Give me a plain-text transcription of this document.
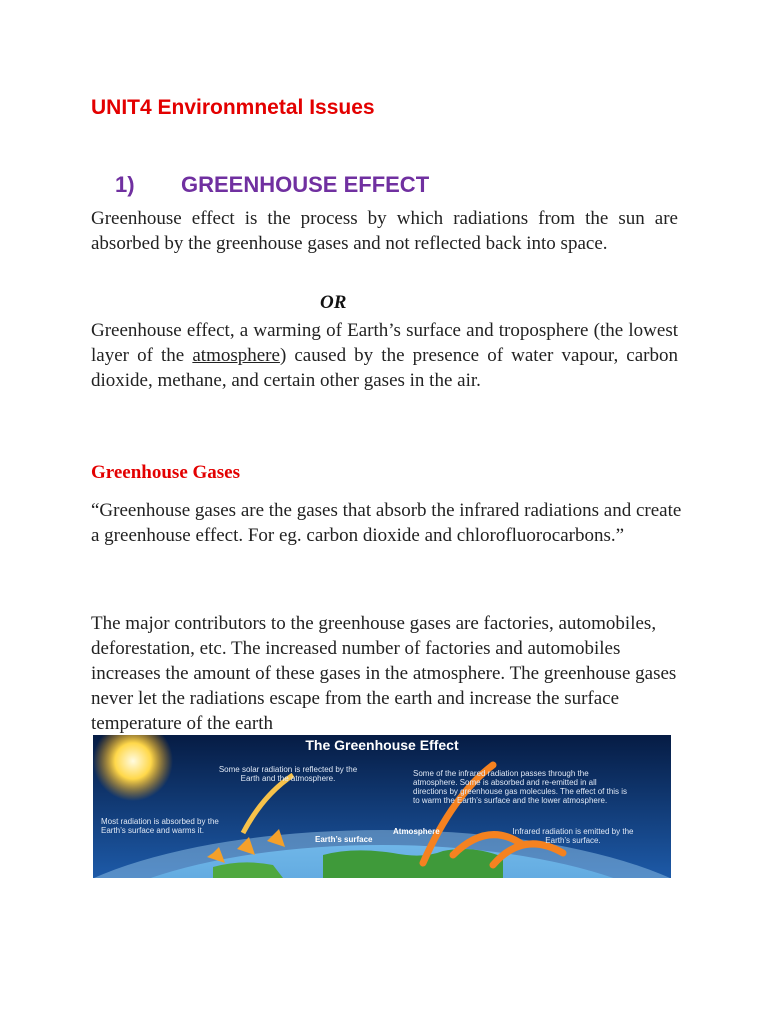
UNIT4 Environmnetal Issues
1) GREENHOUSE EFFECT

Greenhouse effect is the process by which radiations from the sun are absorbed by the greenhouse gases and not reflected back into space.

OR

Greenhouse effect, a warming of Earth’s surface and troposphere (the lowest layer of the atmosphere) caused by the presence of water vapour, carbon dioxide, methane, and certain other gases in the air.

Greenhouse Gases

“Greenhouse gases are the gases that absorb the infrared radiations and create a greenhouse effect. For eg. carbon dioxide and chlorofluorocarbons.”

The major contributors to the greenhouse gases are factories, automobiles, deforestation, etc. The increased number of factories and automobiles increases the amount of these gases in the atmosphere. The greenhouse gases never let the radiations escape from the earth and increase the surface temperature of the earth

The Greenhouse Effect
Some solar radiation is reflected by the Earth and the atmosphere.
Some of the infrared radiation passes through the atmosphere. Some is absorbed and re-emitted in all directions by greenhouse gas molecules. The effect of this is to warm the Earth’s surface and the lower atmosphere.
Most radiation is absorbed by the Earth’s surface and warms it.	Infrared radiation is emitted by the Earth’s surface.
Atmosphere
Earth’s surface
